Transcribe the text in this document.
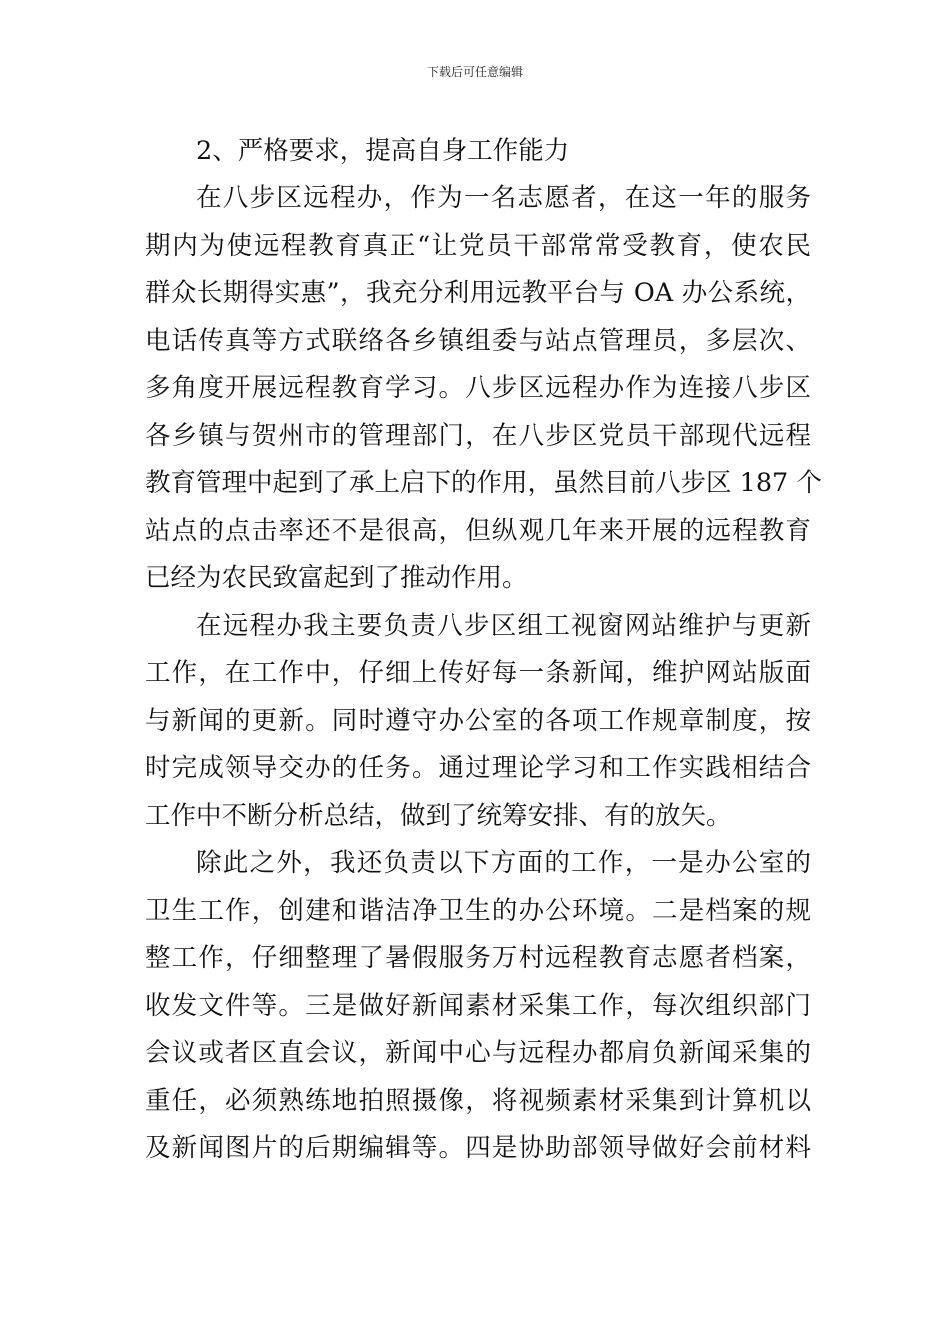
下载后可任意编辑
2、严格要求，提高自身工作能力
在八步区远程办，作为一名志愿者，在这一年的服务
期内为使远程教育真正“让党员干部常常受教育，使农民
群众长期得实惠”，我充分利用远教平台与 OA 办公系统，
电话传真等方式联络各乡镇组委与站点管理员，多层次、
多角度开展远程教育学习。八步区远程办作为连接八步区
各乡镇与贺州市的管理部门，在八步区党员干部现代远程
教育管理中起到了承上启下的作用，虽然目前八步区 187 个
站点的点击率还不是很高，但纵观几年来开展的远程教育
已经为农民致富起到了推动作用。
在远程办我主要负责八步区组工视窗网站维护与更新
工作，在工作中，仔细上传好每一条新闻，维护网站版面
与新闻的更新。同时遵守办公室的各项工作规章制度，按
时完成领导交办的任务。通过理论学习和工作实践相结合
工作中不断分析总结，做到了统筹安排、有的放矢。
除此之外，我还负责以下方面的工作，一是办公室的
卫生工作，创建和谐洁净卫生的办公环境。二是档案的规
整工作，仔细整理了暑假服务万村远程教育志愿者档案，
收发文件等。三是做好新闻素材采集工作，每次组织部门
会议或者区直会议，新闻中心与远程办都肩负新闻采集的
重任，必须熟练地拍照摄像，将视频素材采集到计算机以
及新闻图片的后期编辑等。四是协助部领导做好会前材料
